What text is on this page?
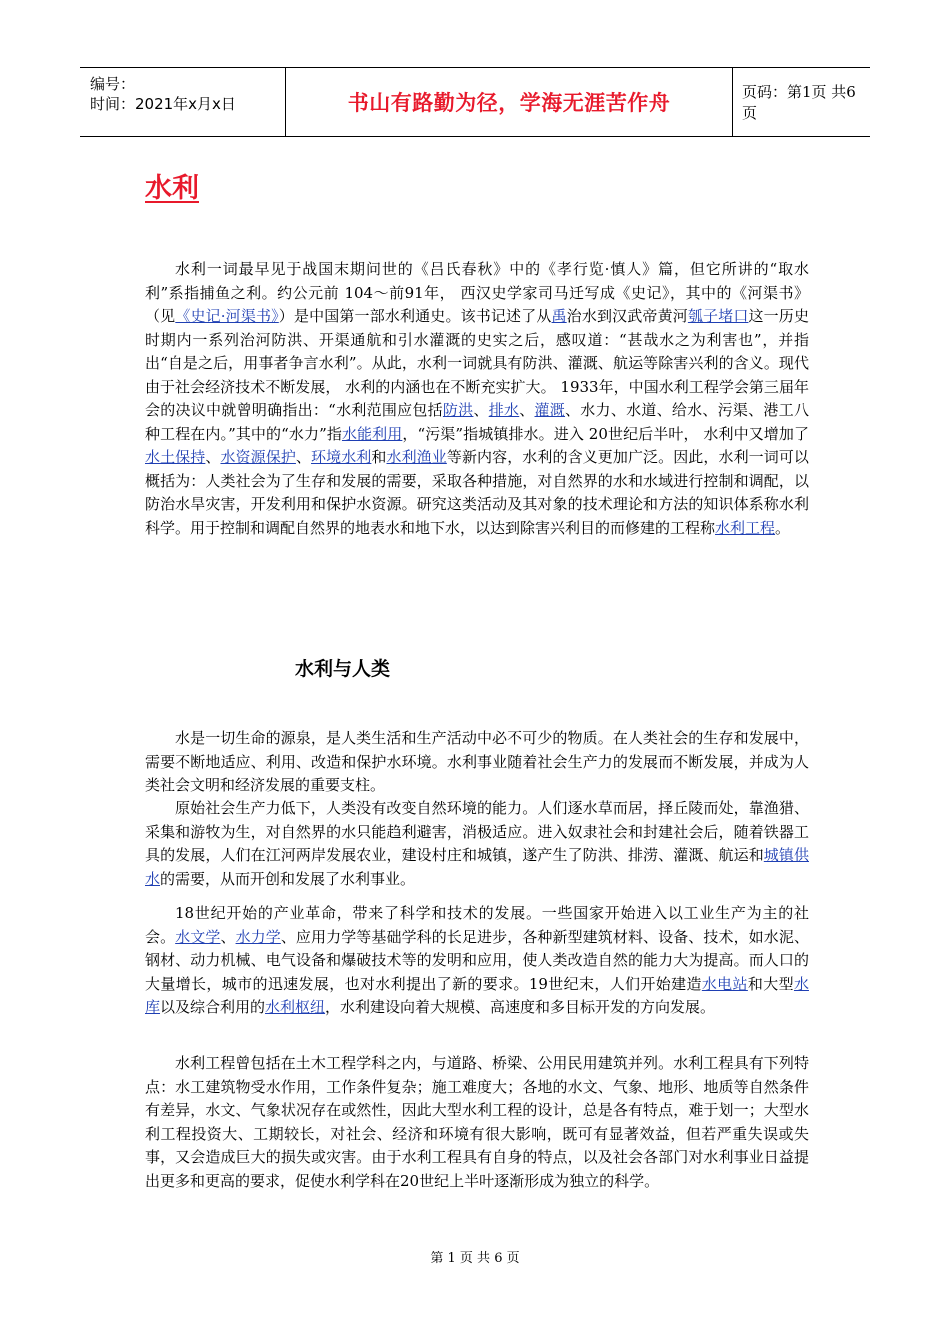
编号：
时间：2021年x月x日	书山有路勤为径，学海无涯苦作舟	页码：第1页 共6页
水利

水利一词最早见于战国末期问世的《吕氏春秋》中的《孝行览·慎人》篇，但它所讲的“取水利”系指捕鱼之利。约公元前 104～前91年， 西汉史学家司马迁写成《史记》，其中的《河渠书》（见《史记·河渠书》）是中国第一部水利通史。该书记述了从禹治水到汉武帝黄河瓠子堵口这一历史时期内一系列治河防洪、开渠通航和引水灌溉的史实之后，感叹道：“甚哉水之为利害也”，并指出“自是之后，用事者争言水利”。从此，水利一词就具有防洪、灌溉、航运等除害兴利的含义。现代由于社会经济技术不断发展， 水利的内涵也在不断充实扩大。 1933年，中国水利工程学会第三届年会的决议中就曾明确指出：“水利范围应包括防洪、排水、灌溉、水力、水道、给水、污渠、港工八种工程在内。”其中的“水力”指水能利用，“污渠”指城镇排水。进入 20世纪后半叶， 水利中又增加了水土保持、水资源保护、环境水利和水利渔业等新内容，水利的含义更加广泛。因此，水利一词可以概括为：人类社会为了生存和发展的需要，采取各种措施，对自然界的水和水域进行控制和调配，以防治水旱灾害，开发利用和保护水资源。研究这类活动及其对象的技术理论和方法的知识体系称水利科学。用于控制和调配自然界的地表水和地下水，以达到除害兴利目的而修建的工程称水利工程。

水利与人类

水是一切生命的源泉，是人类生活和生产活动中必不可少的物质。在人类社会的生存和发展中，需要不断地适应、利用、改造和保护水环境。水利事业随着社会生产力的发展而不断发展，并成为人类社会文明和经济发展的重要支柱。

原始社会生产力低下，人类没有改变自然环境的能力。人们逐水草而居，择丘陵而处，靠渔猎、采集和游牧为生，对自然界的水只能趋利避害，消极适应。进入奴隶社会和封建社会后，随着铁器工具的发展，人们在江河两岸发展农业，建设村庄和城镇，遂产生了防洪、排涝、灌溉、航运和城镇供水的需要，从而开创和发展了水利事业。

18世纪开始的产业革命，带来了科学和技术的发展。一些国家开始进入以工业生产为主的社会。水文学、水力学、应用力学等基础学科的长足进步，各种新型建筑材料、设备、技术，如水泥、钢材、动力机械、电气设备和爆破技术等的发明和应用，使人类改造自然的能力大为提高。而人口的大量增长，城市的迅速发展，也对水利提出了新的要求。19世纪末，人们开始建造水电站和大型水库以及综合利用的水利枢纽，水利建设向着大规模、高速度和多目标开发的方向发展。

水利工程曾包括在土木工程学科之内，与道路、桥梁、公用民用建筑并列。水利工程具有下列特点：水工建筑物受水作用，工作条件复杂；施工难度大；各地的水文、气象、地形、地质等自然条件有差异，水文、气象状况存在或然性，因此大型水利工程的设计，总是各有特点，难于划一；大型水利工程投资大、工期较长，对社会、经济和环境有很大影响，既可有显著效益，但若严重失误或失事，又会造成巨大的损失或灾害。由于水利工程具有自身的特点，以及社会各部门对水利事业日益提出更多和更高的要求，促使水利学科在20世纪上半叶逐渐形成为独立的科学。

第 1 页 共 6 页
